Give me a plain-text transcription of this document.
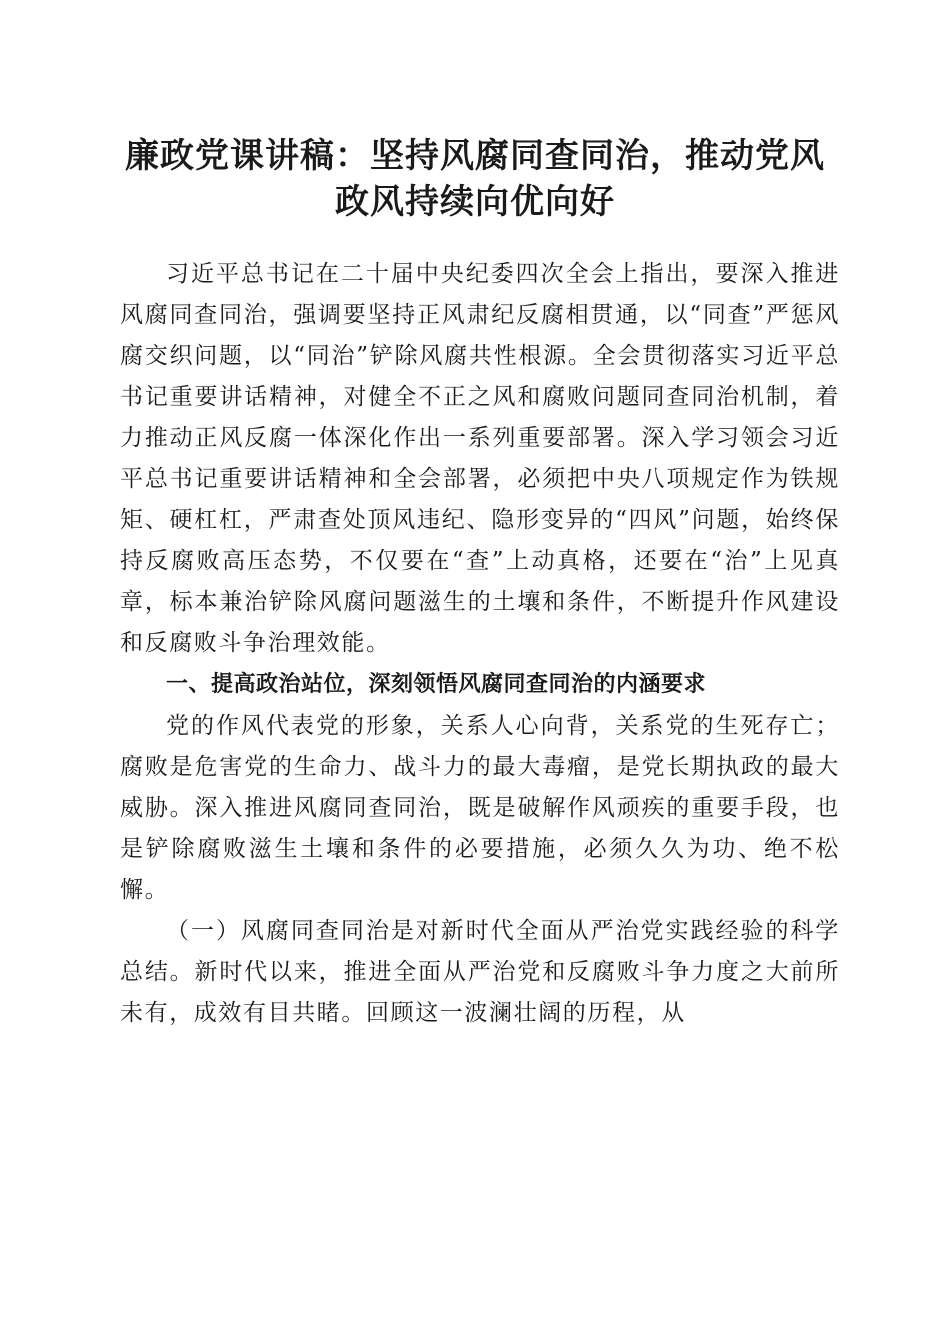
廉政党课讲稿：坚持风腐同查同治，推动党风
政风持续向优向好

习近平总书记在二十届中央纪委四次全会上指出，要深入推进风腐同查同治，强调要坚持正风肃纪反腐相贯通，以“同查”严惩风腐交织问题，以“同治”铲除风腐共性根源。全会贯彻落实习近平总书记重要讲话精神，对健全不正之风和腐败问题同查同治机制，着力推动正风反腐一体深化作出一系列重要部署。深入学习领会习近平总书记重要讲话精神和全会部署，必须把中央八项规定作为铁规矩、硬杠杠，严肃查处顶风违纪、隐形变异的“四风”问题，始终保持反腐败高压态势，不仅要在“查”上动真格，还要在“治”上见真章，标本兼治铲除风腐问题滋生的土壤和条件，不断提升作风建设和反腐败斗争治理效能。

一、提高政治站位，深刻领悟风腐同查同治的内涵要求

党的作风代表党的形象，关系人心向背，关系党的生死存亡；腐败是危害党的生命力、战斗力的最大毒瘤，是党长期执政的最大威胁。深入推进风腐同查同治，既是破解作风顽疾的重要手段，也是铲除腐败滋生土壤和条件的必要措施，必须久久为功、绝不松懈。

（一）风腐同查同治是对新时代全面从严治党实践经验的科学总结。新时代以来，推进全面从严治党和反腐败斗争力度之大前所未有，成效有目共睹。回顾这一波澜壮阔的历程，从
